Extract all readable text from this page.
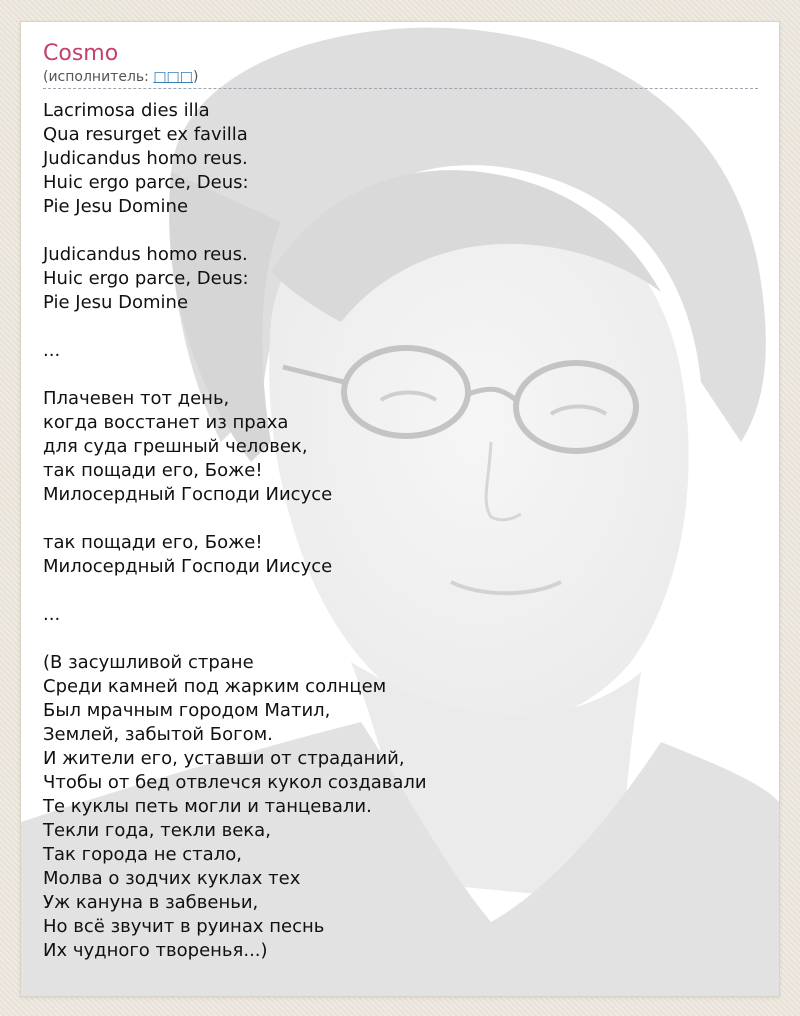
Cosmo
(исполнитель: □□□)
Lacrimosa dies illa
Qua resurget ex favilla
Judicandus homo reus.
Huic ergo parce, Deus:
Pie Jesu Domine
Judicandus homo reus.
Huic ergo parce, Deus:
Pie Jesu Domine
...
Плачевен тот день,
когда восстанет из праха
для суда грешный человек,
так пощади его, Боже!
Милосердный Господи Иисусе
так пощади его, Боже!
Милосердный Господи Иисусе
...
(В засушливой стране
Среди камней под жарким солнцем
Был мрачным городом Матил,
Землей, забытой Богом.
И жители его, уставши от страданий,
Чтобы от бед отвлечся кукол создавали
Те куклы петь могли и танцевали.
Текли года, текли века,
Так города не стало,
Молва о зодчих куклах тех
Уж кануна в забвеньи,
Но всё звучит в руинах песнь
Их чудного творенья...)
